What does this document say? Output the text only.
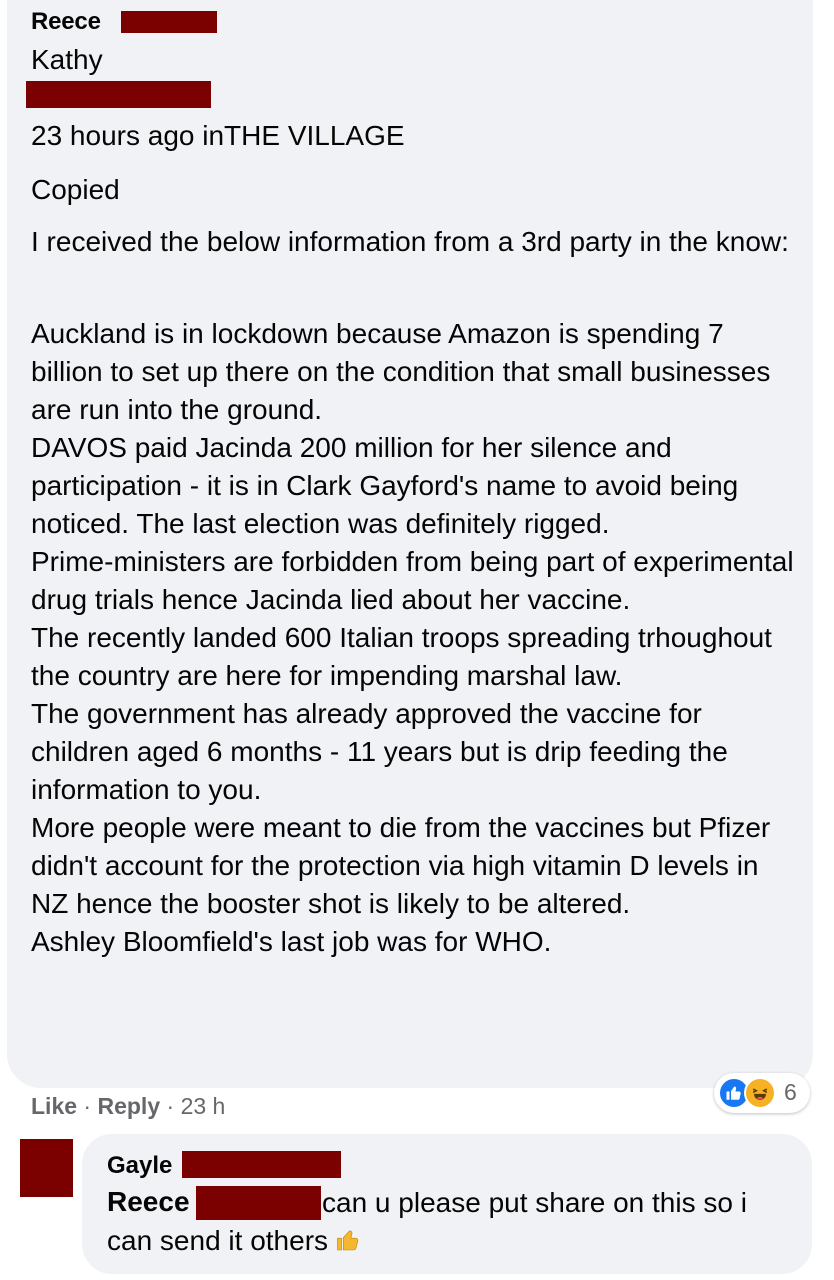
Reece
Kathy
23 hours ago inTHE VILLAGE
Copied

I received the below information from a 3rd party in the know:

Auckland is in lockdown because Amazon is spending 7 billion to set up there on the condition that small businesses are run into the ground.

DAVOS paid Jacinda 200 million for her silence and participation - it is in Clark Gayford's name to avoid being noticed. The last election was definitely rigged.

Prime-ministers are forbidden from being part of experimental drug trials hence Jacinda lied about her vaccine.

The recently landed 600 Italian troops spreading trhoughout the country are here for impending marshal law.

The government has already approved the vaccine for children aged 6 months - 11 years but is drip feeding the information to you.

More people were meant to die from the vaccines but Pfizer didn't account for the protection via high vitamin D levels in NZ hence the booster shot is likely to be altered.

Ashley Bloomfield's last job was for WHO.

Like · Reply · 23 h
6
Gayle
Reece	can u please put share on this so i
can send it others
